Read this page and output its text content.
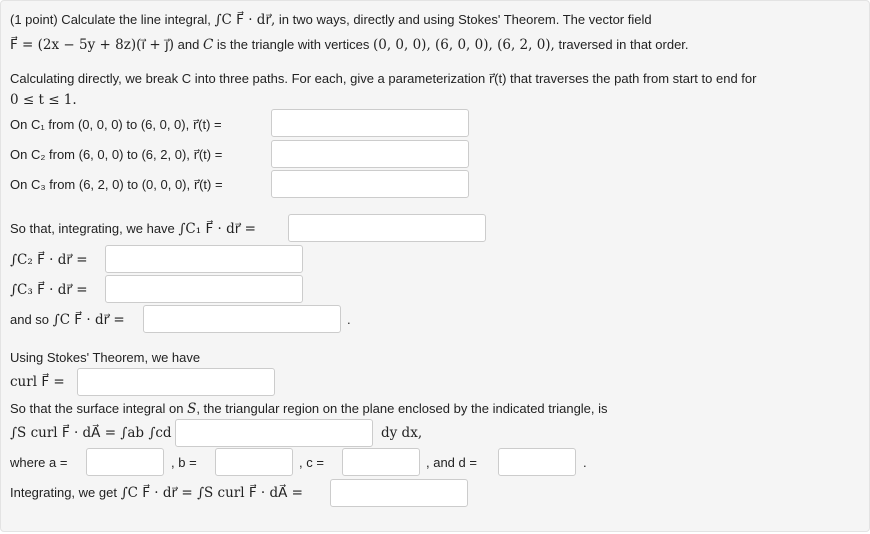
(1 point) Calculate the line integral, ∫C F⃗ · dr⃗, in two ways, directly and using Stokes' Theorem. The vector field
F⃗ = (2x − 5y + 8z)(i⃗ + j⃗) and C is the triangle with vertices (0, 0, 0), (6, 0, 0), (6, 2, 0), traversed in that order.
Calculating directly, we break C into three paths. For each, give a parameterization r⃗(t) that traverses the path from start to end for
0 ≤ t ≤ 1.
On C₁ from (0, 0, 0) to (6, 0, 0), r⃗(t) =
On C₂ from (6, 0, 0) to (6, 2, 0), r⃗(t) =
On C₃ from (6, 2, 0) to (0, 0, 0), r⃗(t) =
So that, integrating, we have ∫C₁ F⃗ · dr⃗ =
∫C₂ F⃗ · dr⃗ =
∫C₃ F⃗ · dr⃗ =
and so ∫C F⃗ · dr⃗ =	.
Using Stokes' Theorem, we have
curl F⃗ =
So that the surface integral on S, the triangular region on the plane enclosed by the indicated triangle, is
∫S curl F⃗ · dA⃗ = ∫ab ∫cd	dy dx,
where a =	, b =	, c =	, and d =	.
Integrating, we get ∫C F⃗ · dr⃗ = ∫S curl F⃗ · dA⃗ =
